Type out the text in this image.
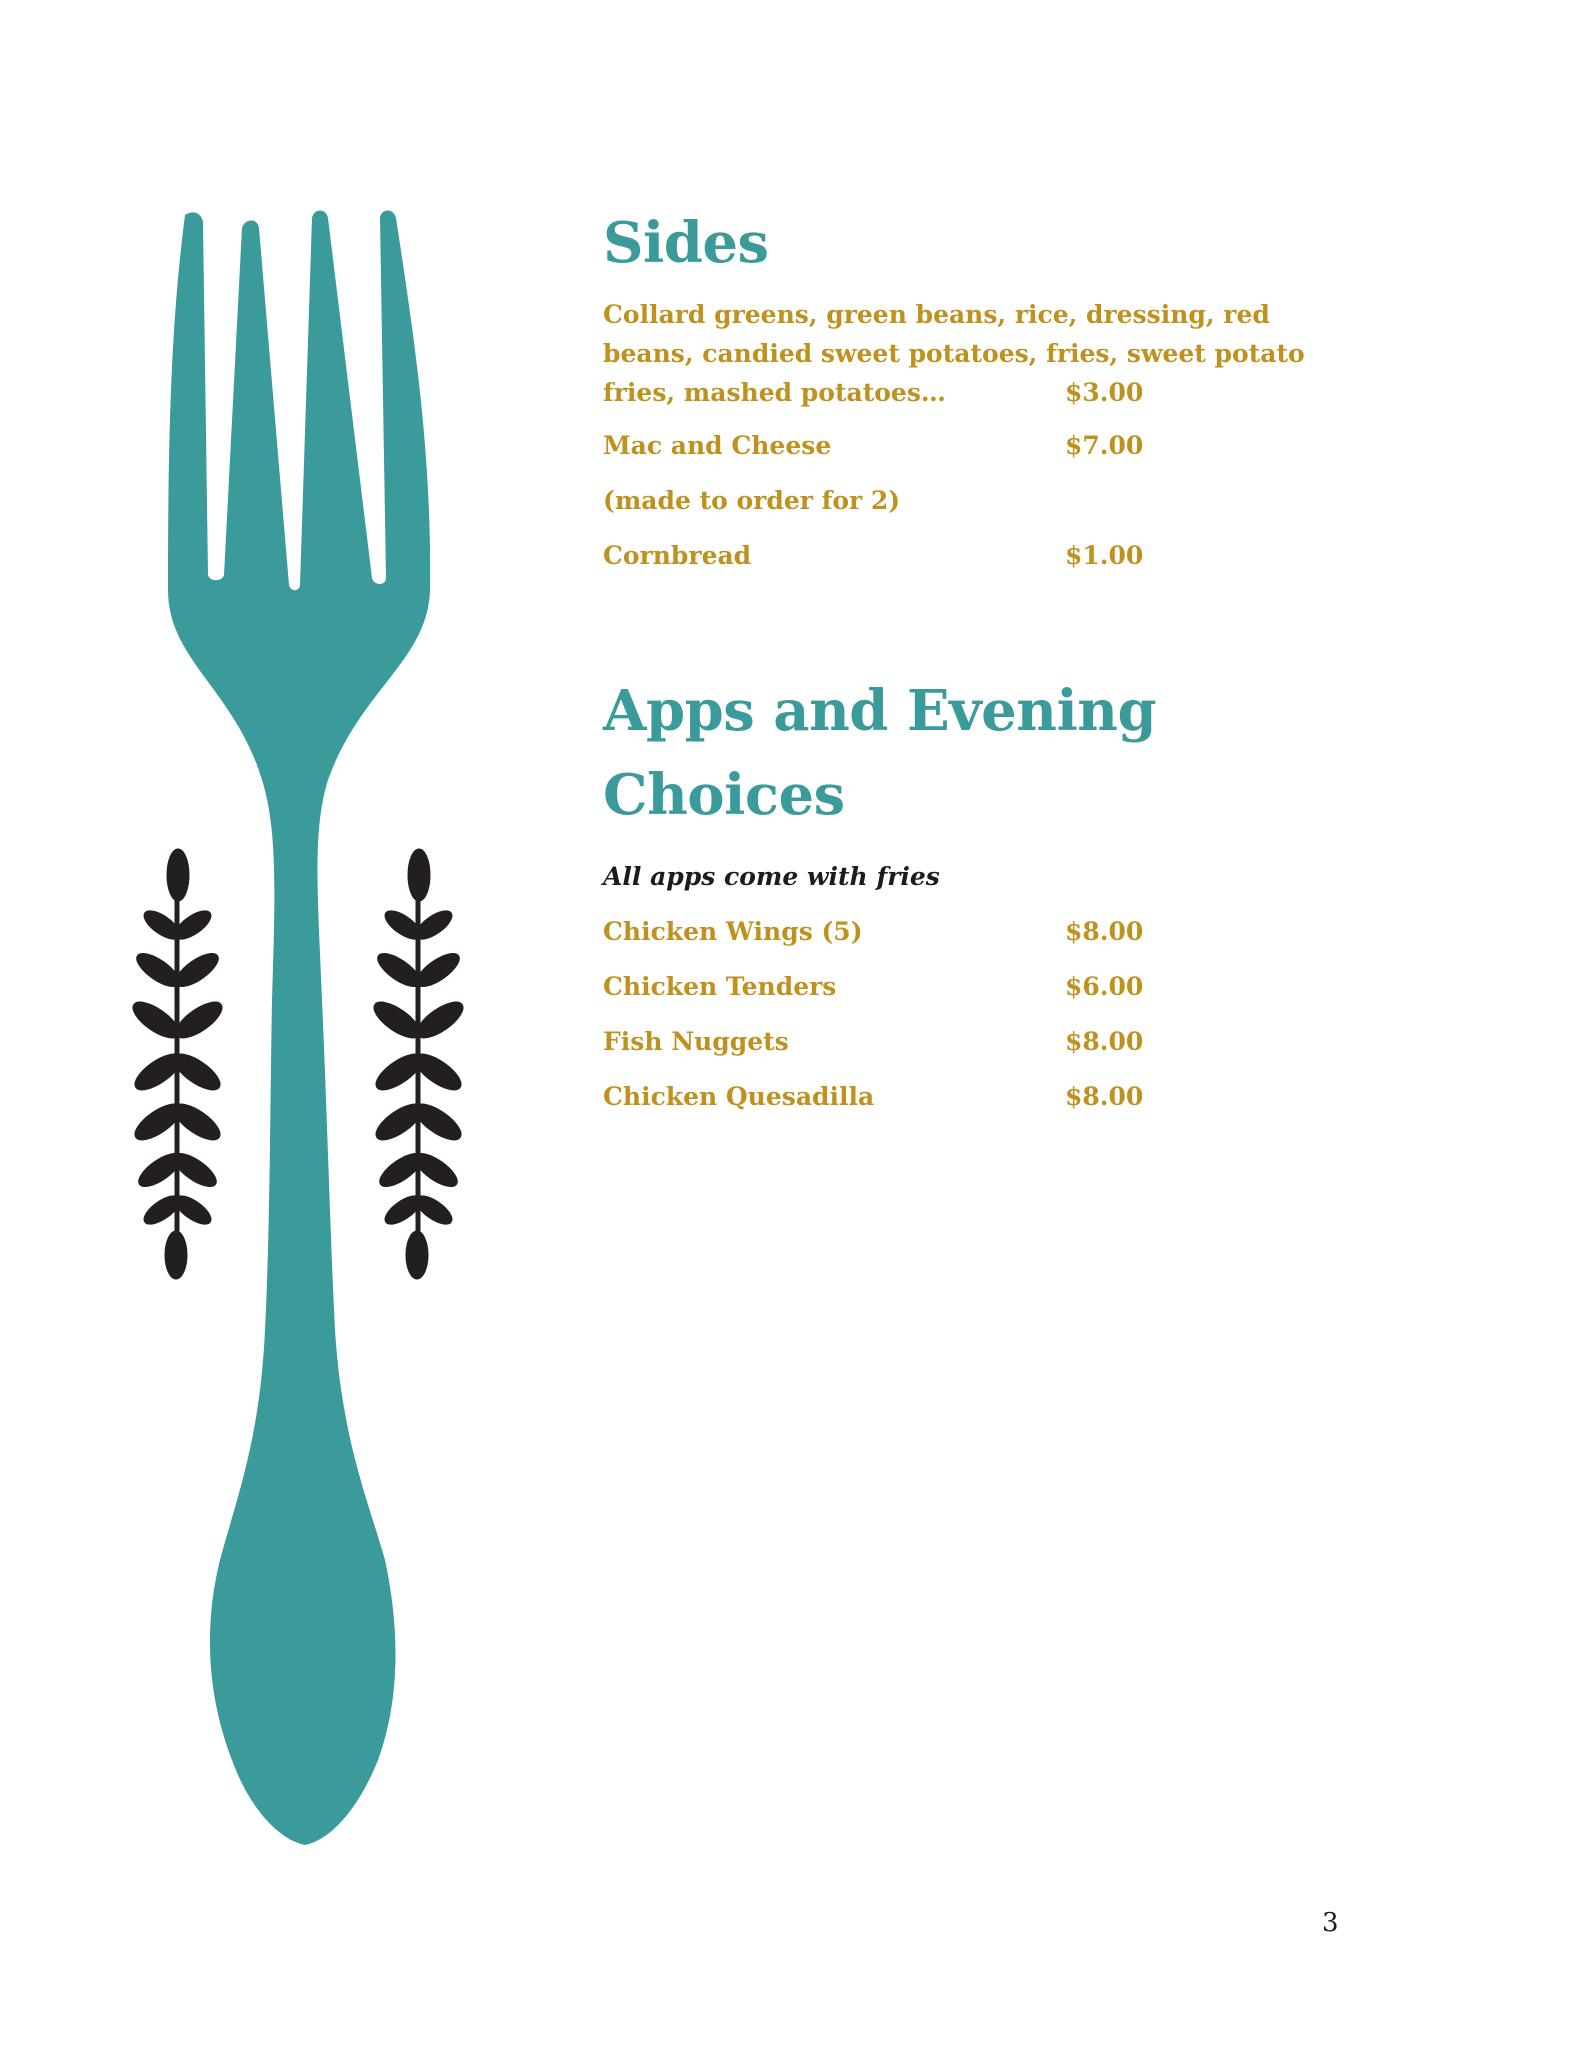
Sides
Collard greens, green beans, rice, dressing, red
beans, candied sweet potatoes, fries, sweet potato
fries, mashed potatoes…	$3.00
Mac and Cheese	$7.00
(made to order for 2)
Cornbread	$1.00
Apps and Evening
Choices
All apps come with fries
Chicken Wings (5)	$8.00
Chicken Tenders	$6.00
Fish Nuggets	$8.00
Chicken Quesadilla	$8.00
3
